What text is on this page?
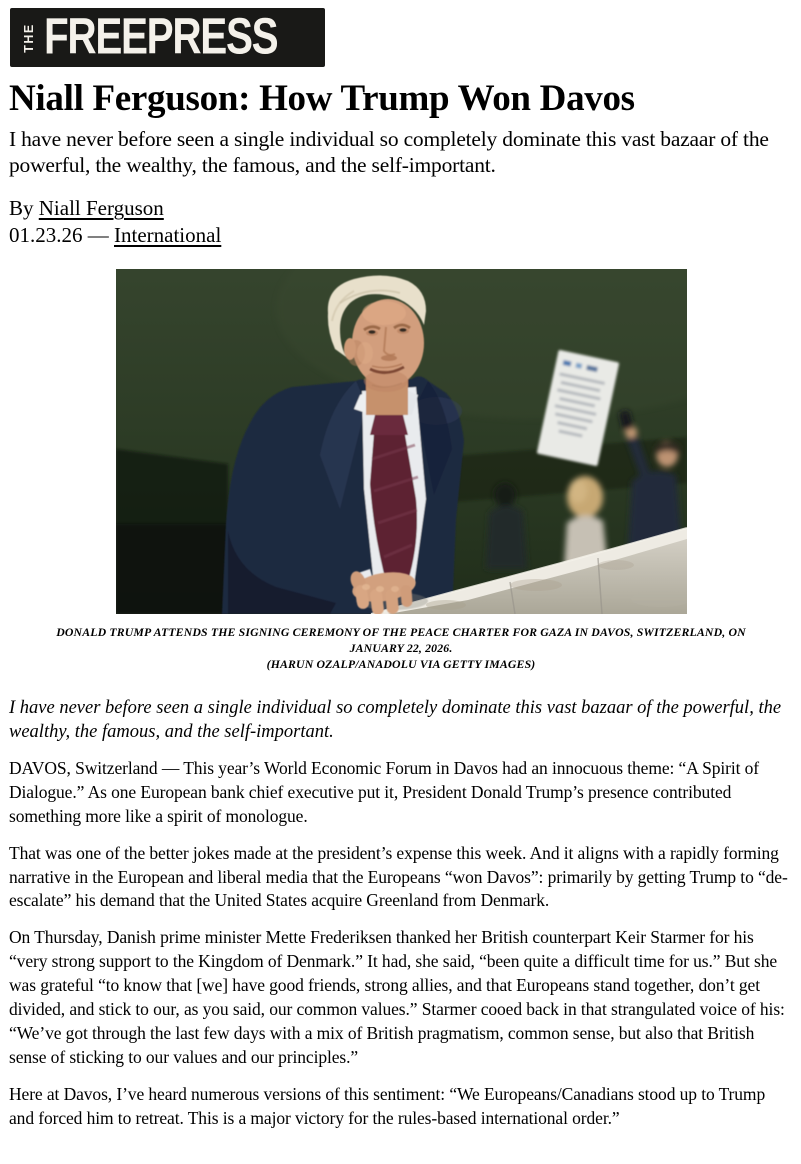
THE FREEPRESS
Niall Ferguson: How Trump Won Davos

I have never before seen a single individual so completely dominate this vast bazaar of the powerful, the wealthy, the famous, and the self-important.

By Niall Ferguson
01.23.26 — International
DONALD TRUMP ATTENDS THE SIGNING CEREMONY OF THE PEACE CHARTER FOR GAZA IN DAVOS, SWITZERLAND, ON JANUARY 22, 2026.
(HARUN OZALP/ANADOLU VIA GETTY IMAGES)

I have never before seen a single individual so completely dominate this vast bazaar of the powerful, the wealthy, the famous, and the self-important.

DAVOS, Switzerland — This year’s World Economic Forum in Davos had an innocuous theme: “A Spirit of Dialogue.” As one European bank chief executive put it, President Donald Trump’s presence contributed something more like a spirit of monologue.

That was one of the better jokes made at the president’s expense this week. And it aligns with a rapidly forming narrative in the European and liberal media that the Europeans “won Davos”: primarily by getting Trump to “de-escalate” his demand that the United States acquire Greenland from Denmark.

On Thursday, Danish prime minister Mette Frederiksen thanked her British counterpart Keir Starmer for his “very strong support to the Kingdom of Denmark.” It had, she said, “been quite a difficult time for us.” But she was grateful “to know that [we] have good friends, strong allies, and that Europeans stand together, don’t get divided, and stick to our, as you said, our common values.” Starmer cooed back in that strangulated voice of his: “We’ve got through the last few days with a mix of British pragmatism, common sense, but also that British sense of sticking to our values and our principles.”

Here at Davos, I’ve heard numerous versions of this sentiment: “We Europeans/Canadians stood up to Trump and forced him to retreat. This is a major victory for the rules-based international order.”
